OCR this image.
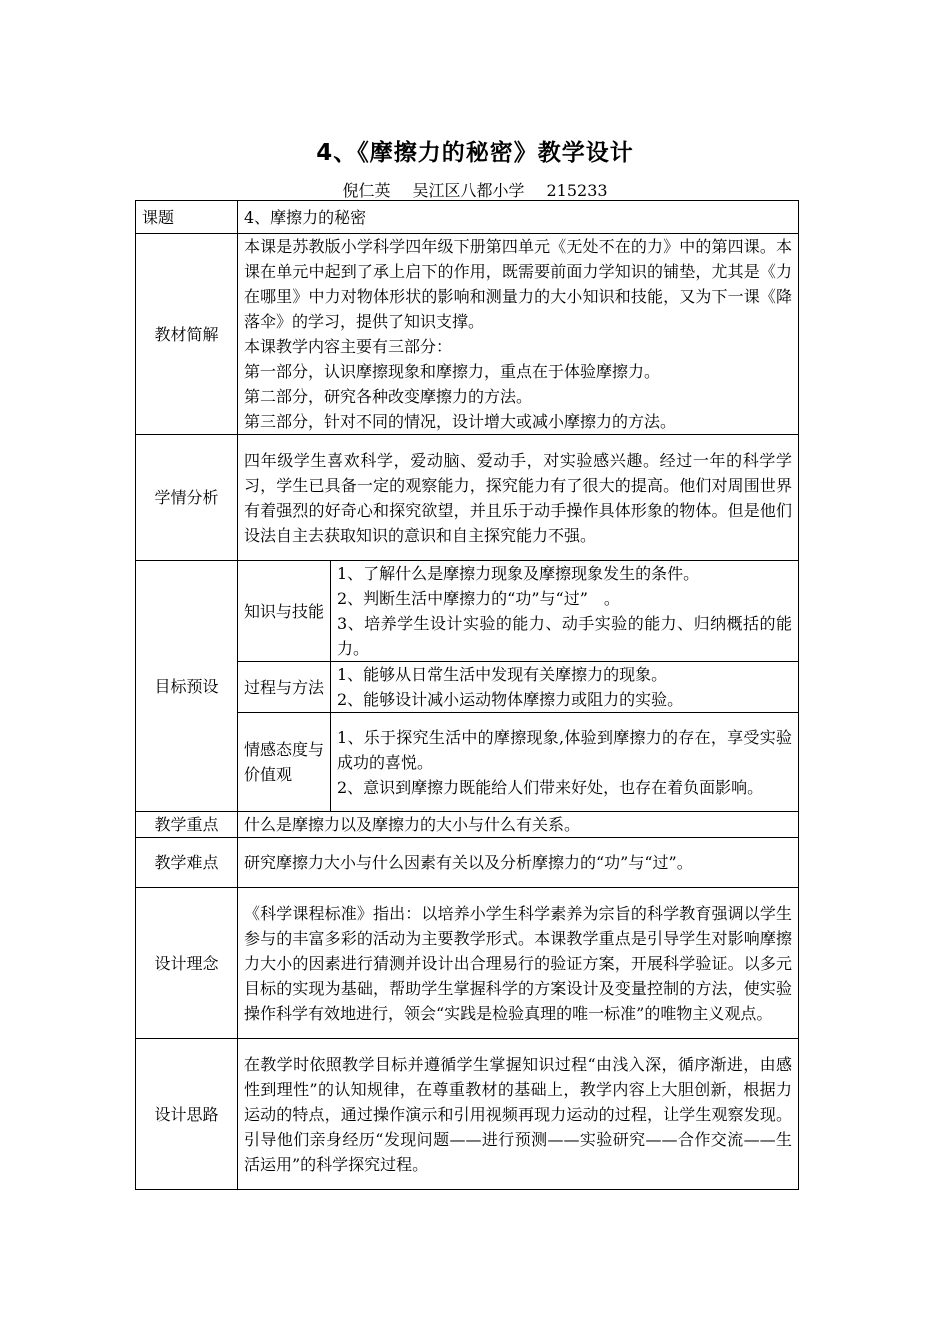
4、《摩擦力的秘密》教学设计
倪仁英 吴江区八都小学 215233
课题	4、摩擦力的秘密	
教材简解	本课是苏教版小学科学四年级下册第四单元《无处不在的力》中的第四课。本课在单元中起到了承上启下的作用，既需要前面力学知识的铺垫，尤其是《力在哪里》中力对物体形状的影响和测量力的大小知识和技能，又为下一课《降落伞》的学习，提供了知识支撑。
本课教学内容主要有三部分：
第一部分，认识摩擦现象和摩擦力，重点在于体验摩擦力。
第二部分，研究各种改变摩擦力的方法。
第三部分，针对不同的情况，设计增大或减小摩擦力的方法。	

学情分析	四年级学生喜欢科学，爱动脑、爱动手，对实验感兴趣。经过一年的科学学习，学生已具备一定的观察能力，探究能力有了很大的提高。他们对周围世界有着强烈的好奇心和探究欲望，并且乐于动手操作具体形象的物体。但是他们设法自主去获取知识的意识和自主探究能力不强。	
目标预设	知识与技能	1、了解什么是摩擦力现象及摩擦现象发生的条件。
2、判断生活中摩擦力的“功”与“过”　。
3、培养学生设计实验的能力、动手实验的能力、归纳概括的能力。

	过程与方法	1、能够从日常生活中发现有关摩擦力的现象。
2、能够设计减小运动物体摩擦力或阻力的实验。

	情感态度与价值观	1、乐于探究生活中的摩擦现象,体验到摩擦力的存在，享受实验成功的喜悦。
2、意识到摩擦力既能给人们带来好处，也存在着负面影响。

教学重点	什么是摩擦力以及摩擦力的大小与什么有关系。	
教学难点	研究摩擦力大小与什么因素有关以及分析摩擦力的“功”与“过”。	
设计理念	《科学课程标准》指出：以培养小学生科学素养为宗旨的科学教育强调以学生参与的丰富多彩的活动为主要教学形式。本课教学重点是引导学生对影响摩擦力大小的因素进行猜测并设计出合理易行的验证方案，开展科学验证。以多元目标的实现为基础，帮助学生掌握科学的方案设计及变量控制的方法，使实验操作科学有效地进行，领会“实践是检验真理的唯一标准”的唯物主义观点。	
设计思路	在教学时依照教学目标并遵循学生掌握知识过程“由浅入深，循序渐进，由感性到理性”的认知规律，在尊重教材的基础上，教学内容上大胆创新，根据力运动的特点，通过操作演示和引用视频再现力运动的过程，让学生观察发现。引导他们亲身经历“发现问题——进行预测——实验研究——合作交流——生活运用”的科学探究过程。	
